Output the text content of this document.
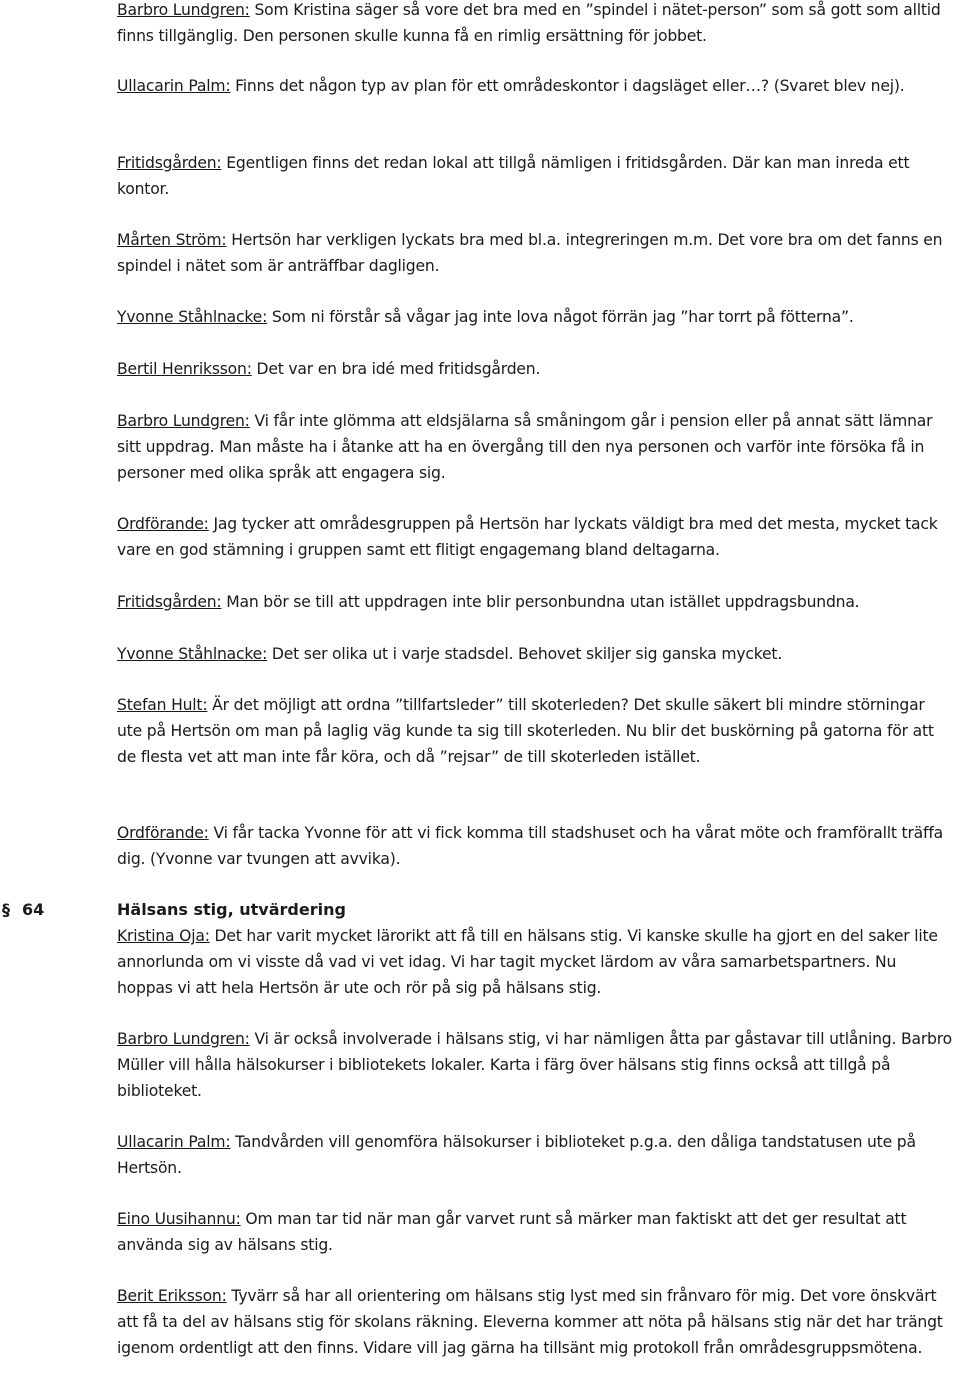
Barbro Lundgren: Som Kristina säger så vore det bra med en ”spindel i nätet-person” som så gott som alltid finns tillgänglig. Den personen skulle kunna få en rimlig ersättning för jobbet.

Ullacarin Palm: Finns det någon typ av plan för ett områdeskontor i dagsläget eller…? (Svaret blev nej).

Fritidsgården: Egentligen finns det redan lokal att tillgå nämligen i fritidsgården. Där kan man inreda ett kontor.

Mårten Ström: Hertsön har verkligen lyckats bra med bl.a. integreringen m.m. Det vore bra om det fanns en spindel i nätet som är anträffbar dagligen.

Yvonne Ståhlnacke: Som ni förstår så vågar jag inte lova något förrän jag ”har torrt på fötterna”.

Bertil Henriksson: Det var en bra idé med fritidsgården.

Barbro Lundgren: Vi får inte glömma att eldsjälarna så småningom går i pension eller på annat sätt lämnar sitt uppdrag. Man måste ha i åtanke att ha en övergång till den nya personen och varför inte försöka få in personer med olika språk att engagera sig.

Ordförande: Jag tycker att områdesgruppen på Hertsön har lyckats väldigt bra med det mesta, mycket tack vare en god stämning i gruppen samt ett flitigt engagemang bland deltagarna.

Fritidsgården: Man bör se till att uppdragen inte blir personbundna utan istället uppdragsbundna.

Yvonne Ståhlnacke: Det ser olika ut i varje stadsdel. Behovet skiljer sig ganska mycket.

Stefan Hult: Är det möjligt att ordna ”tillfartsleder” till skoterleden? Det skulle säkert bli mindre störningar ute på Hertsön om man på laglig väg kunde ta sig till skoterleden. Nu blir det buskörning på gatorna för att de flesta vet att man inte får köra, och då ”rejsar” de till skoterleden istället.

Ordförande: Vi får tacka Yvonne för att vi fick komma till stadshuset och ha vårat möte och framförallt träffa dig. (Yvonne var tvungen att avvika).

§ 64	Hälsans stig, utvärdering

Kristina Oja: Det har varit mycket lärorikt att få till en hälsans stig. Vi kanske skulle ha gjort en del saker lite annorlunda om vi visste då vad vi vet idag. Vi har tagit mycket lärdom av våra samarbetspartners. Nu hoppas vi att hela Hertsön är ute och rör på sig på hälsans stig.

Barbro Lundgren: Vi är också involverade i hälsans stig, vi har nämligen åtta par gåstavar till utlåning. Barbro Müller vill hålla hälsokurser i bibliotekets lokaler. Karta i färg över hälsans stig finns också att tillgå på biblioteket.

Ullacarin Palm: Tandvården vill genomföra hälsokurser i biblioteket p.g.a. den dåliga tandstatusen ute på Hertsön.

Eino Uusihannu: Om man tar tid när man går varvet runt så märker man faktiskt att det ger resultat att använda sig av hälsans stig.

Berit Eriksson: Tyvärr så har all orientering om hälsans stig lyst med sin frånvaro för mig. Det vore önskvärt att få ta del av hälsans stig för skolans räkning. Eleverna kommer att nöta på hälsans stig när det har trängt igenom ordentligt att den finns. Vidare vill jag gärna ha tillsänt mig protokoll från områdesgruppsmötena.
